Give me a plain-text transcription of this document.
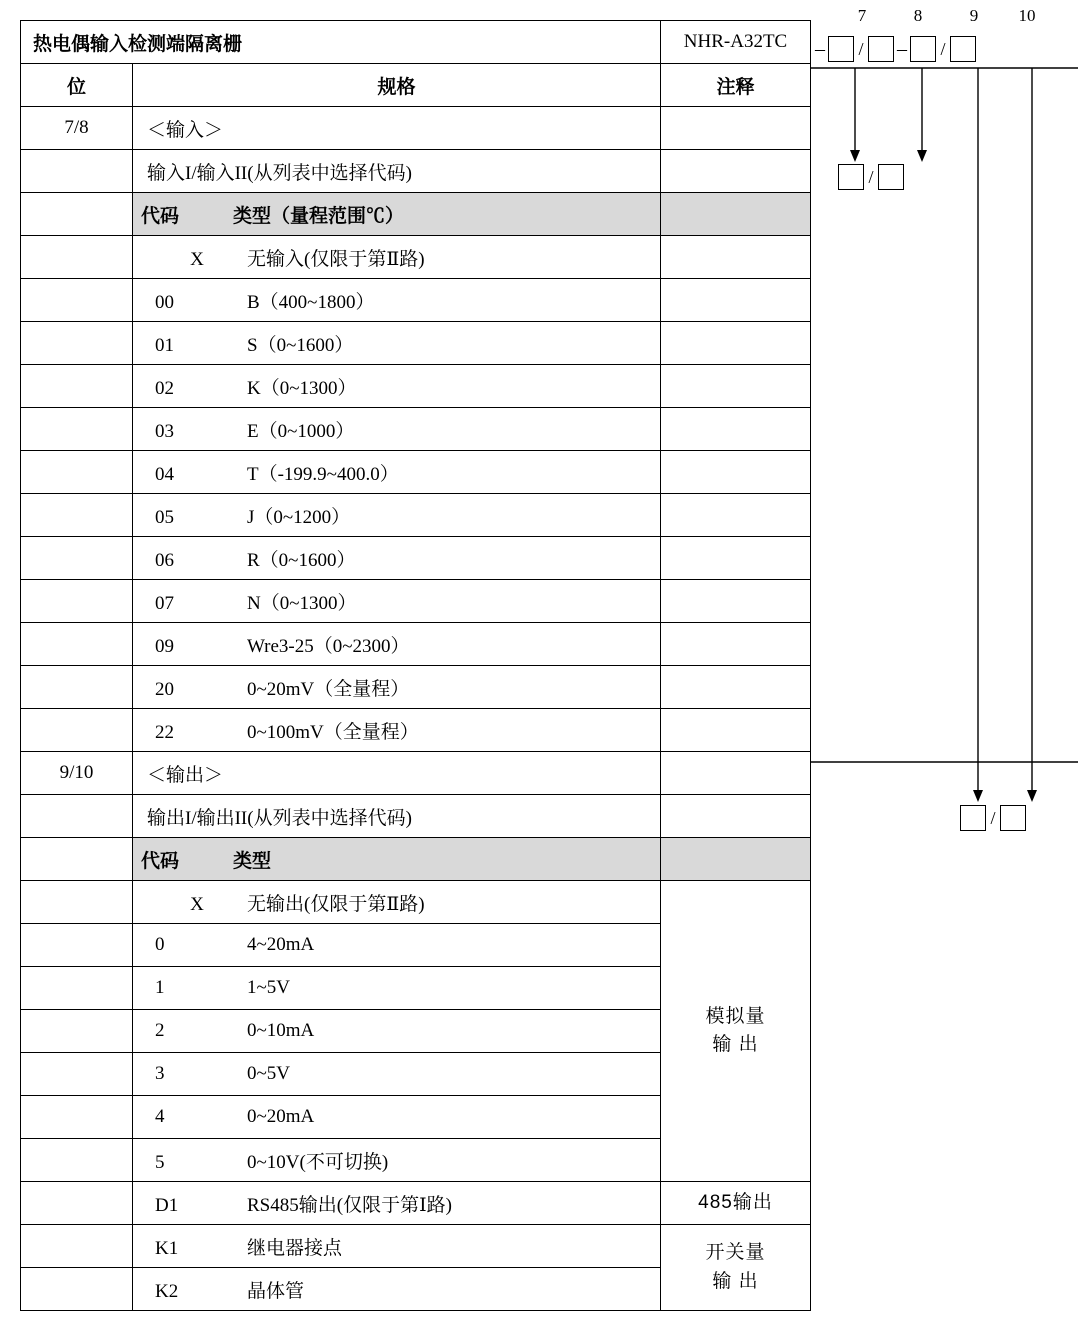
7	8	9	10
– / – /
/
/
热电偶输入检测端隔离栅		NHR-A32TC
位	规格	注释
7/8	＜输入＞	
	输入I/输入II(从列表中选择代码)	
	代码 类型（量程范围℃）	
	X 无输入(仅限于第Ⅱ路)	
	00 B（400~1800）	
	01 S（0~1600）	
	02 K（0~1300）	
	03 E（0~1000）	
	04 T（-199.9~400.0）	
	05 J（0~1200）	
	06 R（0~1600）	
	07 N（0~1300）	
	09 Wre3-25（0~2300）	
	20 0~20mV（全量程）	
	22 0~100mV（全量程）	
9/10	＜输出＞	
	输出I/输出II(从列表中选择代码)	
	代码 类型	
	X 无输出(仅限于第Ⅱ路)	模拟量
输 出
	0 4~20mA	
	1 1~5V	
	2 0~10mA	
	3 0~5V	
	4 0~20mA	
	5 0~10V(不可切换)	
	D1 RS485输出(仅限于第Ⅰ路)	485输出
	K1 继电器接点	开关量
输 出
	K2 晶体管	
